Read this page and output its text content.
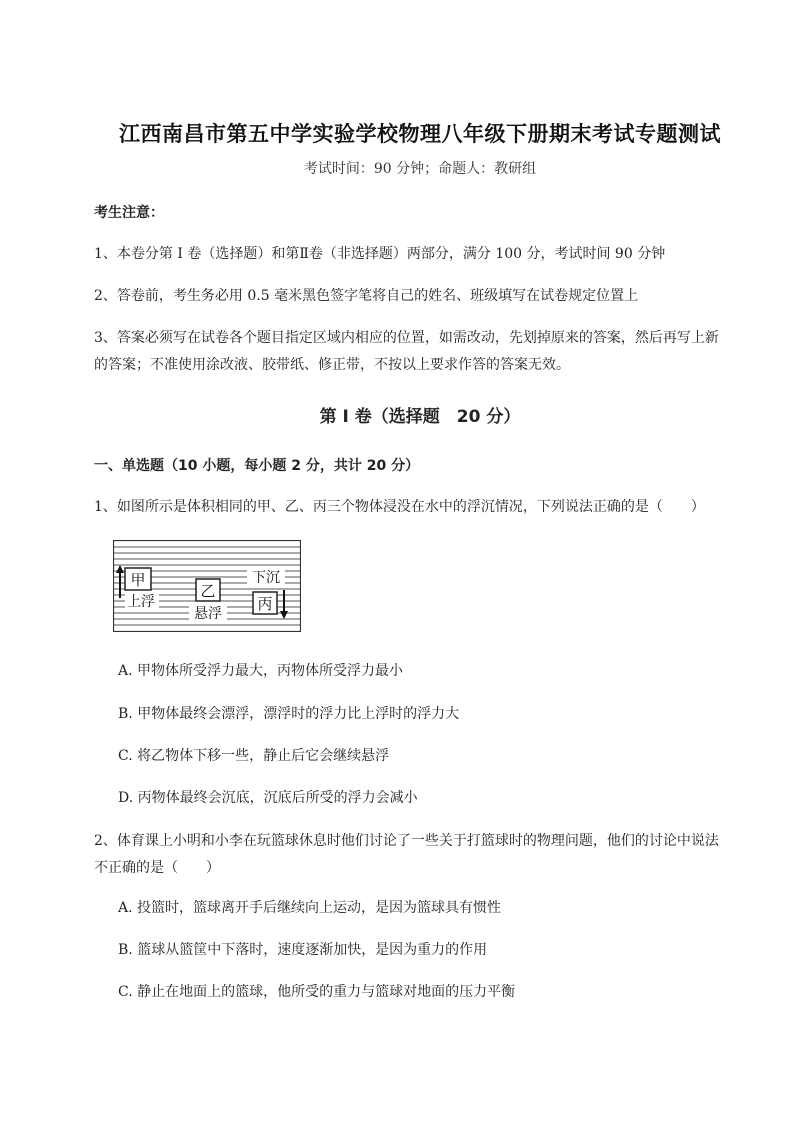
江西南昌市第五中学实验学校物理八年级下册期末考试专题测试
考试时间：90 分钟；命题人：教研组
考生注意：
1、本卷分第 I 卷（选择题）和第Ⅱ卷（非选择题）两部分，满分 100 分，考试时间 90 分钟
2、答卷前，考生务必用 0.5 毫米黑色签字笔将自己的姓名、班级填写在试卷规定位置上
3、答案必须写在试卷各个题目指定区域内相应的位置，如需改动，先划掉原来的答案，然后再写上新
的答案；不准使用涂改液、胶带纸、修正带，不按以上要求作答的答案无效。
第 I 卷（选择题　20 分）
一、单选题（10 小题，每小题 2 分，共计 20 分）
1、如图所示是体积相同的甲、乙、丙三个物体浸没在水中的浮沉情况，下列说法正确的是（　　）
甲
上浮
乙
悬浮
下沉
丙
A. 甲物体所受浮力最大，丙物体所受浮力最小
B. 甲物体最终会漂浮，漂浮时的浮力比上浮时的浮力大
C. 将乙物体下移一些，静止后它会继续悬浮
D. 丙物体最终会沉底，沉底后所受的浮力会减小
2、体育课上小明和小李在玩篮球休息时他们讨论了一些关于打篮球时的物理问题，他们的讨论中说法
不正确的是（　　）
A. 投篮时，篮球离开手后继续向上运动，是因为篮球具有惯性
B. 篮球从篮筐中下落时，速度逐渐加快，是因为重力的作用
C. 静止在地面上的篮球，他所受的重力与篮球对地面的压力平衡
